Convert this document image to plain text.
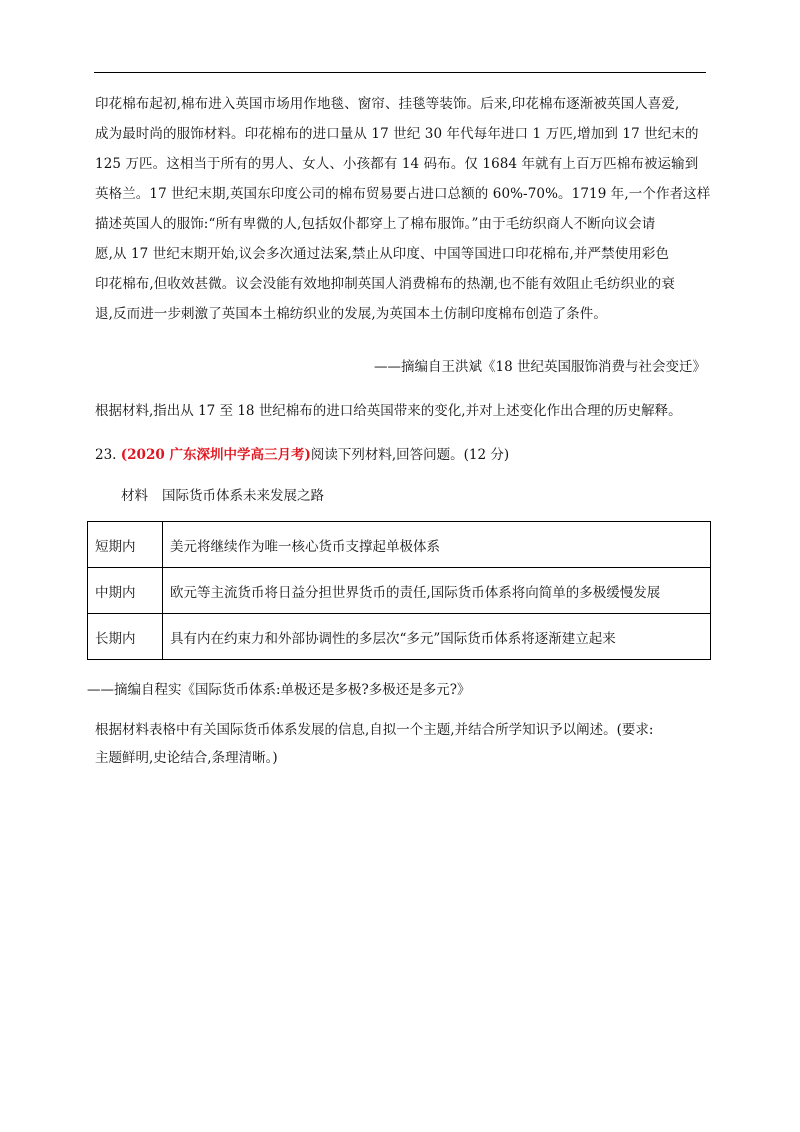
印花棉布起初,棉布进入英国市场用作地毯、窗帘、挂毯等装饰。后来,印花棉布逐渐被英国人喜爱,

成为最时尚的服饰材料。印花棉布的进口量从 17 世纪 30 年代每年进口 1 万匹,增加到 17 世纪末的

125 万匹。这相当于所有的男人、女人、小孩都有 14 码布。仅 1684 年就有上百万匹棉布被运输到

英格兰。17 世纪末期,英国东印度公司的棉布贸易要占进口总额的 60%-70%。1719 年,一个作者这样

描述英国人的服饰:“所有卑微的人,包括奴仆都穿上了棉布服饰。”由于毛纺织商人不断向议会请

愿,从 17 世纪末期开始,议会多次通过法案,禁止从印度、中国等国进口印花棉布,并严禁使用彩色

印花棉布,但收效甚微。议会没能有效地抑制英国人消费棉布的热潮,也不能有效阻止毛纺织业的衰

退,反而进一步刺激了英国本土棉纺织业的发展,为英国本土仿制印度棉布创造了条件。

——摘编自王洪斌《18 世纪英国服饰消费与社会变迁》
根据材料,指出从 17 至 18 世纪棉布的进口给英国带来的变化,并对上述变化作出合理的历史解释。
23. (2020 广东深圳中学高三月考)阅读下列材料,回答问题。(12 分)
材料 国际货币体系未来发展之路
短期内	美元将继续作为唯一核心货币支撑起单极体系
中期内	欧元等主流货币将日益分担世界货币的责任,国际货币体系将向简单的多极缓慢发展
长期内	具有内在约束力和外部协调性的多层次“多元”国际货币体系将逐渐建立起来
——摘编自程实《国际货币体系:单极还是多极?多极还是多元?》

根据材料表格中有关国际货币体系发展的信息,自拟一个主题,并结合所学知识予以阐述。(要求:

主题鲜明,史论结合,条理清晰。)
